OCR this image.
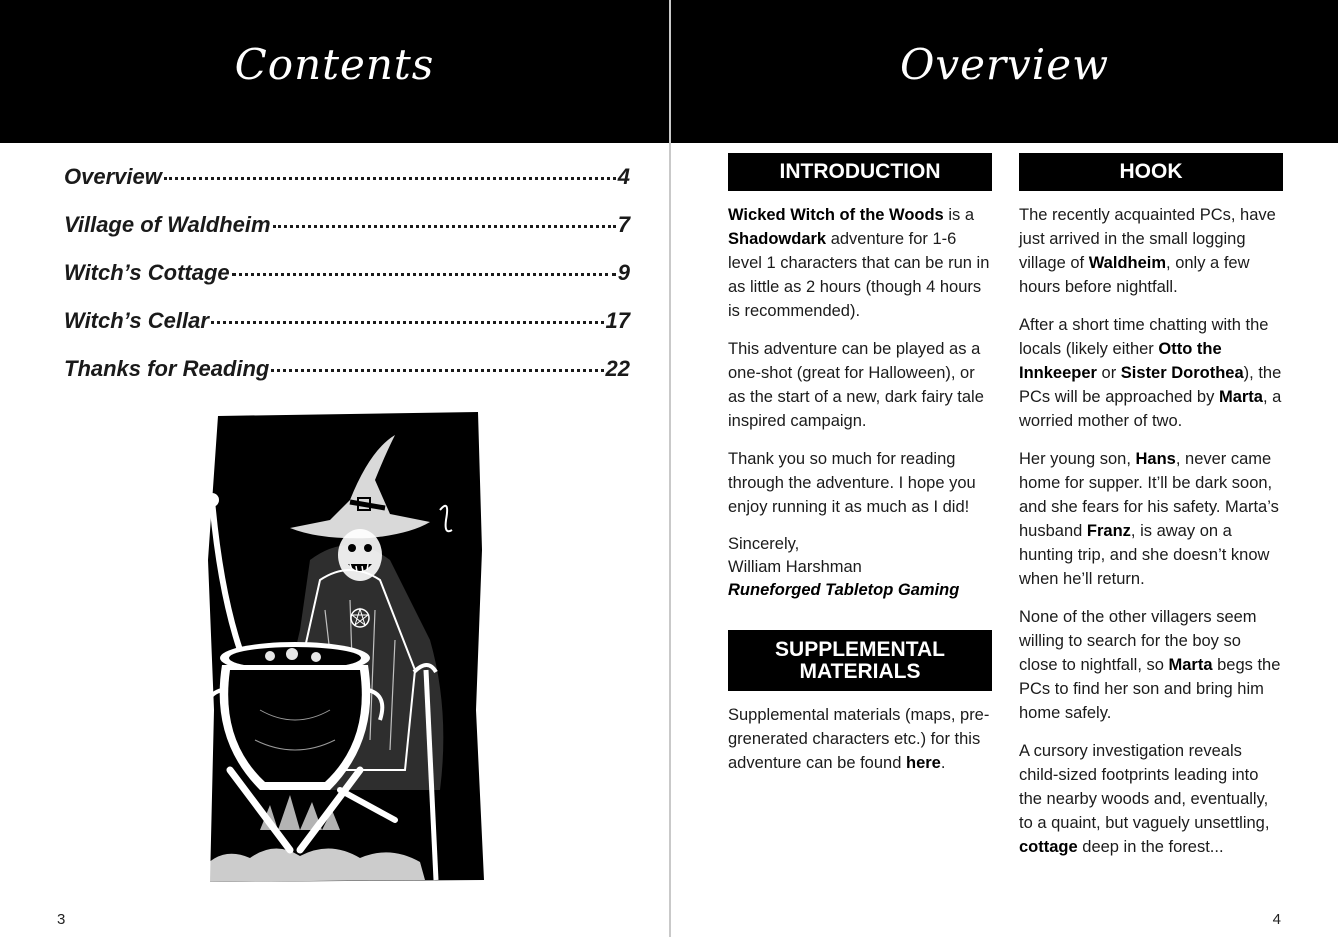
Contents
Overview	4
Village of Waldheim	7
Witch’s Cottage	9
Witch’s Cellar	17
Thanks for Reading	22
3
Overview
INTRODUCTION

Wicked Witch of the Woods is a Shadowdark adventure for 1-6 level 1 characters that can be run in as little as 2 hours (though 4 hours is recommended).

This adventure can be played as a one-shot (great for Halloween), or as the start of a new, dark fairy tale inspired campaign.

Thank you so much for reading through the adventure. I hope you enjoy running it as much as I did!

Sincerely,
William Harshman
Runeforged Tabletop Gaming
SUPPLEMENTAL
MATERIALS

Supplemental materials (maps, pre-grenerated characters etc.) for this adventure can be found here.

HOOK

The recently acquainted PCs, have just arrived in the small logging village of Waldheim, only a few hours before nightfall.

After a short time chatting with the locals (likely either Otto the Innkeeper or Sister Dorothea), the PCs will be approached by Marta, a worried mother of two.

Her young son, Hans, never came home for supper. It’ll be dark soon, and she fears for his safety. Marta’s husband Franz, is away on a hunting trip, and she doesn’t know when he’ll return.

None of the other villagers seem willing to search for the boy so close to nightfall, so Marta begs the PCs to find her son and bring him home safely.

A cursory investigation reveals child-sized footprints leading into the nearby woods and, eventually, to a quaint, but vaguely unsettling, cottage deep in the forest...

4
